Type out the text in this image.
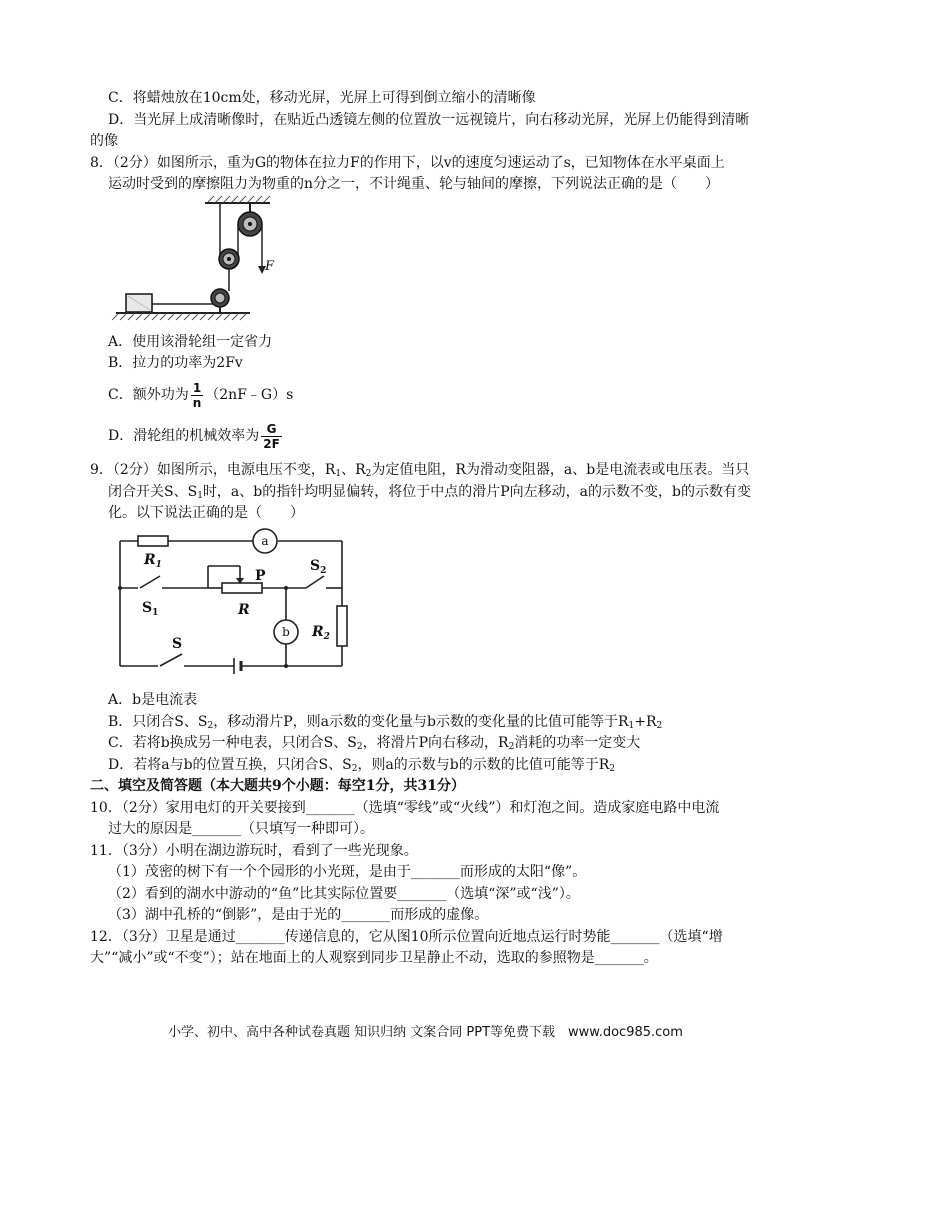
C．将蜡烛放在10cm处，移动光屏，光屏上可得到倒立缩小的清晰像
D．当光屏上成清晰像时，在贴近凸透镜左侧的位置放一远视镜片，向右移动光屏，光屏上仍能得到清晰
的像
8．（2分）如图所示，重为G的物体在拉力F的作用下，以v的速度匀速运动了s，已知物体在水平桌面上
运动时受到的摩擦阻力为物重的n分之一，不计绳重、轮与轴间的摩擦，下列说法正确的是（　　）
F
A．使用该滑轮组一定省力
B．拉力的功率为2Fv
C．额外功为 $\frac{1}{n}$ （2nF﹣G）s
D．滑轮组的机械效率为 $\frac{G}{2F}$
9．（2分）如图所示，电源电压不变，$R_1$、$R_2$为定值电阻，R为滑动变阻器，a、b是电流表或电压表。当只
闭合开关S、$S_1$时，a、b的指针均明显偏转，将位于中点的滑片P向左移动，a的示数不变，b的示数有变
化。以下说法正确的是（　　）
a
b
$R_1$
$S_1$
P
R
$S_2$
$R_2$
S
A．b是电流表
B．只闭合S、$S_2$，移动滑片P，则a示数的变化量与b示数的变化量的比值可能等于$R_1+R_2$
C．若将b换成另一种电表，只闭合S、$S_2$，将滑片P向右移动，$R_2$消耗的功率一定变大
D．若将a与b的位置互换，只闭合S、$S_2$，则a的示数与b的示数的比值可能等于$R_2$
二、填空及简答题（本大题共9个小题：每空1分，共31分）
10．（2分）家用电灯的开关要接到_______（选填“零线”或“火线”）和灯泡之间。造成家庭电路中电流
过大的原因是_______（只填写一种即可）。
11．（3分）小明在湖边游玩时，看到了一些光现象。
（1）茂密的树下有一个个园形的小光斑，是由于_______而形成的太阳“像”。
（2）看到的湖水中游动的“鱼”比其实际位置要_______（选填“深”或“浅”）。
（3）湖中孔桥的“倒影”，是由于光的_______而形成的虚像。
12．（3分）卫星是通过_______传递信息的，它从图10所示位置向近地点运行时势能_______（选填“增
大”“减小”或“不变”）；站在地面上的人观察到同步卫星静止不动，选取的参照物是_______。
小学、初中、高中各种试卷真题 知识归纳 文案合同 PPT等免费下载　www.doc985.com
